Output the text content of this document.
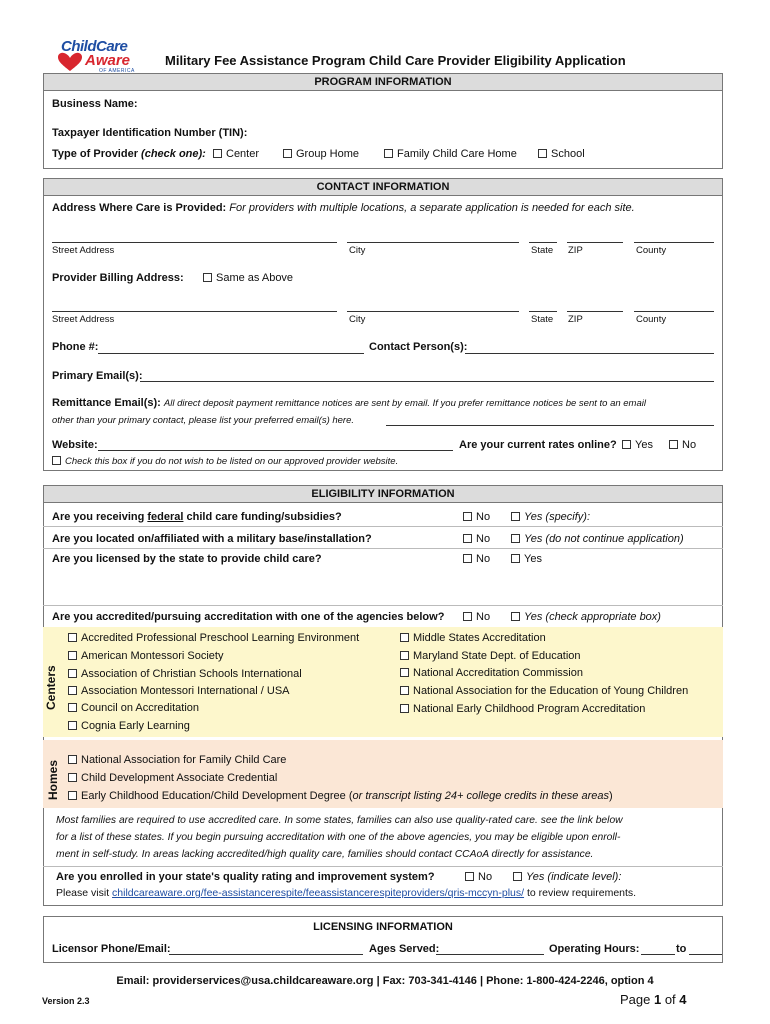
ChildCare
Aware
OF AMERICA
Military Fee Assistance Program Child Care Provider Eligibility Application
PROGRAM INFORMATION
Business Name:
Taxpayer Identification Number (TIN):
Type of Provider (check one):	Center	Group Home	Family Child Care Home	School
CONTACT INFORMATION
Address Where Care is Provided: For providers with multiple locations, a separate application is needed for each site.
Street Address	City	State ZIP	County
Provider Billing Address:	Same as Above
Street Address	City	State ZIP	County
Phone #:	Contact Person(s):
Primary Email(s):
Remittance Email(s): All direct deposit payment remittance notices are sent by email. If you prefer remittance notices be sent to an email
other than your primary contact, please list your preferred email(s) here.
Website:	Are your current rates online?	Yes	No
Check this box if you do not wish to be listed on our approved provider website.
ELIGIBILITY INFORMATION
Are you receiving federal child care funding/subsidies?	No	Yes (specify):
Are you located on/affiliated with a military base/installation?	No	Yes (do not continue application)
Are you licensed by the state to provide child care?	No	Yes
Are you accredited/pursuing accreditation with one of the agencies below?	No	Yes (check appropriate box)
Centers
Accredited Professional Preschool Learning Environment
American Montessori Society
Association of Christian Schools International
Association Montessori International / USA
Council on Accreditation
Cognia Early Learning
Middle States Accreditation
Maryland State Dept. of Education
National Accreditation Commission
National Association for the Education of Young Children
National Early Childhood Program Accreditation
Homes	National Association for Family Child Care
Child Development Associate Credential
Early Childhood Education/Child Development Degree (or transcript listing 24+ college credits in these areas)
Most families are required to use accredited care. In some states, families can also use quality-rated care. see the link below
for a list of these states. If you begin pursuing accreditation with one of the above agencies, you may be eligible upon enroll-
ment in self-study. In areas lacking accredited/high quality care, families should contact CCAoA directly for assistance.
Are you enrolled in your state's quality rating and improvement system?	No	Yes (indicate level):
Please visit childcareaware.org/fee-assistancerespite/feeassistancerespiteproviders/qris-mccyn-plus/ to review requirements.
LICENSING INFORMATION
Licensor Phone/Email:	Ages Served:	Operating Hours:	to
Email: providerservices@usa.childcareaware.org | Fax: 703-341-4146 | Phone: 1-800-424-2246, option 4
Version 2.3	Page 1 of 4
